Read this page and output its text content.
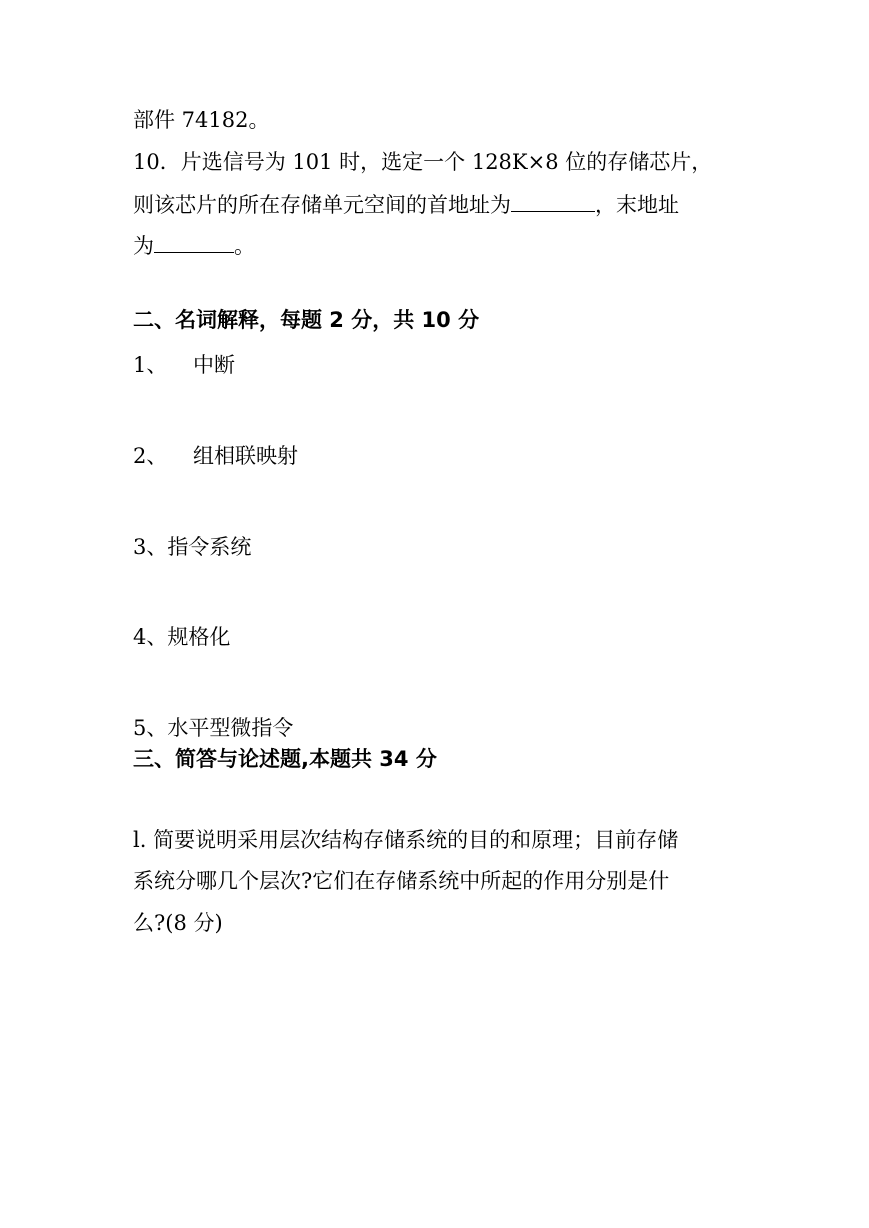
部件 74182。
10．片选信号为 101 时，选定一个 128K×8 位的存储芯片，
则该芯片的所在存储单元空间的首地址为	，末地址
为	。
二、名词解释，每题 2 分，共 10 分
1、 中断
2、 组相联映射
3、指令系统
4、规格化
5、水平型微指令
三、简答与论述题,本题共 34 分
l. 简要说明采用层次结构存储系统的目的和原理；目前存储
系统分哪几个层次?它们在存储系统中所起的作用分别是什
么?(8 分)
